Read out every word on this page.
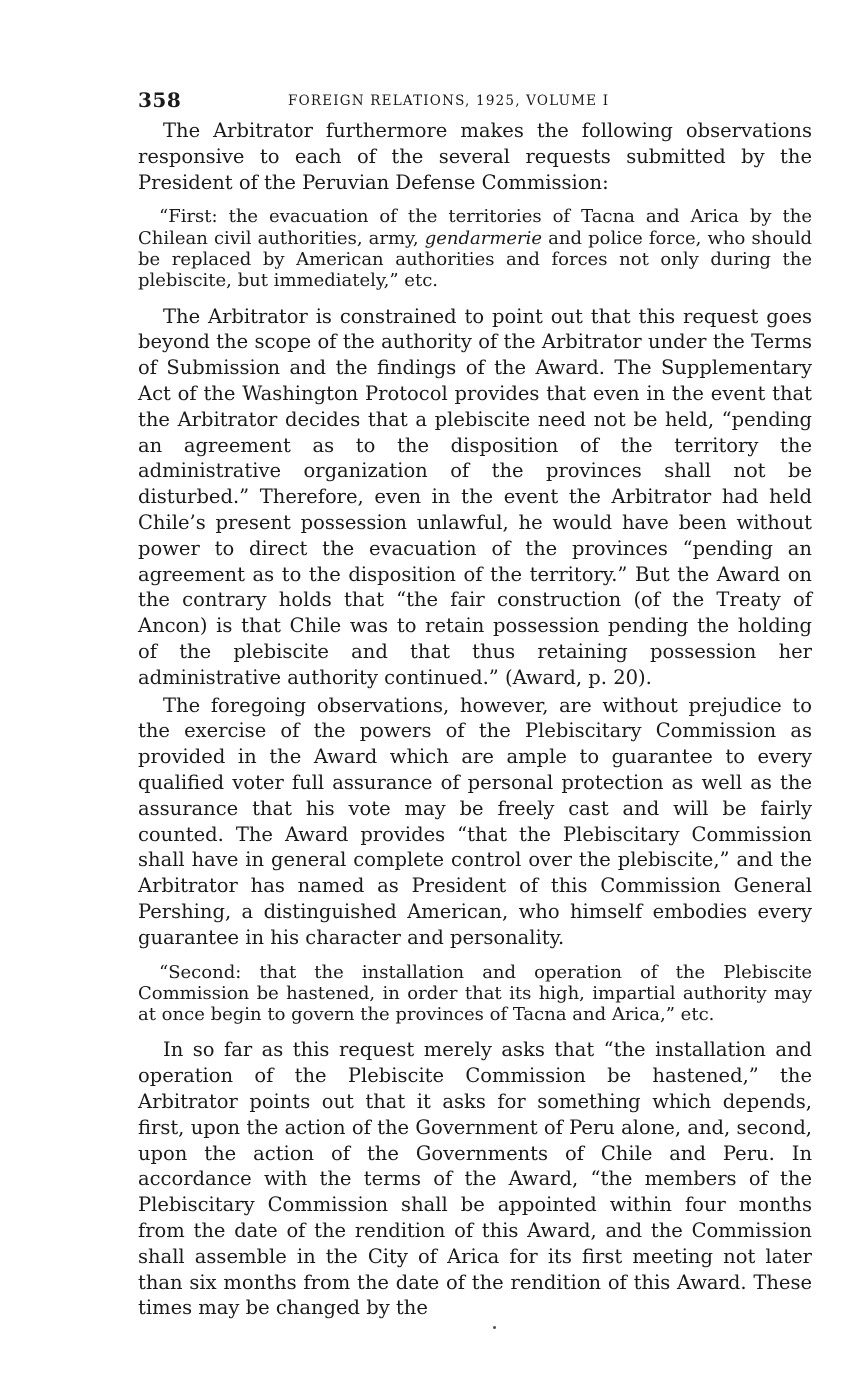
358	FOREIGN RELATIONS, 1925, VOLUME I

The Arbitrator furthermore makes the following observations responsive to each of the several requests submitted by the President of the Peruvian Defense Commission:

“First: the evacuation of the territories of Tacna and Arica by the Chilean civil authorities, army, gendarmerie and police force, who should be replaced by American authorities and forces not only during the plebiscite, but immediately,” etc.

The Arbitrator is constrained to point out that this request goes beyond the scope of the authority of the Arbitrator under the Terms of Submission and the findings of the Award. The Supplementary Act of the Washington Protocol provides that even in the event that the Arbitrator decides that a plebiscite need not be held, “pending an agreement as to the disposition of the territory the administrative organization of the provinces shall not be disturbed.” Therefore, even in the event the Arbitrator had held Chile’s present possession unlawful, he would have been without power to direct the evacuation of the provinces “pending an agreement as to the disposition of the territory.” But the Award on the contrary holds that “the fair construction (of the Treaty of Ancon) is that Chile was to retain possession pending the holding of the plebiscite and that thus retaining possession her administrative authority continued.” (Award, p. 20).

The foregoing observations, however, are without prejudice to the exercise of the powers of the Plebiscitary Commission as provided in the Award which are ample to guarantee to every qualified voter full assurance of personal protection as well as the assurance that his vote may be freely cast and will be fairly counted. The Award provides “that the Plebiscitary Commission shall have in general complete control over the plebiscite,” and the Arbitrator has named as President of this Commission General Pershing, a distinguished American, who himself embodies every guarantee in his character and personality.

“Second: that the installation and operation of the Plebiscite Commission be hastened, in order that its high, impartial authority may at once begin to govern the provinces of Tacna and Arica,” etc.

In so far as this request merely asks that “the installation and operation of the Plebiscite Commission be hastened,” the Arbitrator points out that it asks for something which depends, first, upon the action of the Government of Peru alone, and, second, upon the action of the Governments of Chile and Peru. In accordance with the terms of the Award, “the members of the Plebiscitary Commission shall be appointed within four months from the date of the rendition of this Award, and the Commission shall assemble in the City of Arica for its first meeting not later than six months from the date of the rendition of this Award. These times may be changed by the
